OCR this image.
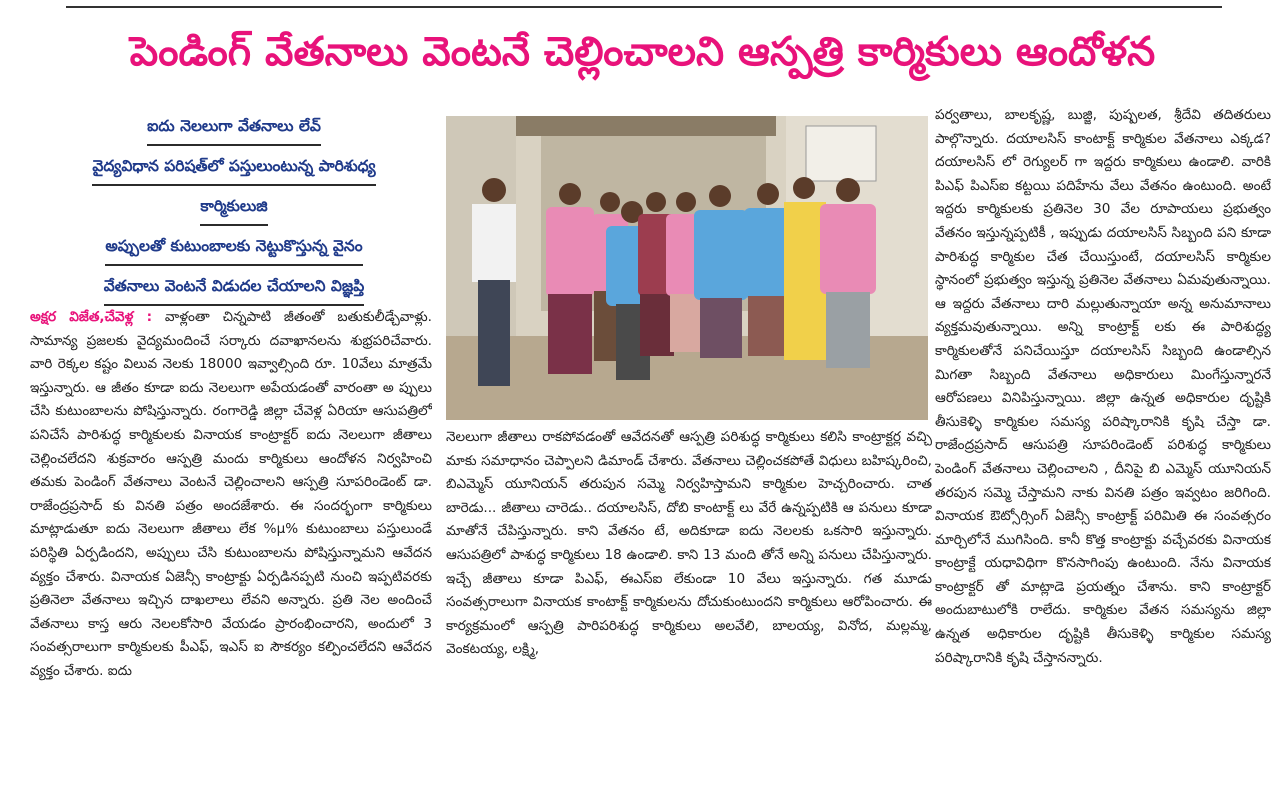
పెండింగ్ వేతనాలు వెంటనే చెల్లించాలని ఆస్పత్రి కార్మికులు ఆందోళన
ఐదు నెలలుగా వేతనాలు లేవ్
వైద్యవిధాన పరిషత్‌లో పస్తులుంటున్న పారిశుధ్య
కార్మికులుజి
అప్పులతో కుటుంబాలకు నెట్టుకొస్తున్న వైనం
వేతనాలు వెంటనే విడుదల చేయాలని విజ్ఞప్తి

అక్షర విజేత,చేవెళ్ల : వాళ్లంతా చిన్నపాటి జీతంతో బతుకులీడ్చేవాళ్లు. సామాన్య ప్రజలకు వైద్యమందించే సర్కారు దవాఖానలను శుభ్రపరిచేవారు. వారి రెక్కల కష్టం విలువ నెలకు 18000 ఇవ్వాల్సింది రూ. 10వేలు మాత్రమే ఇస్తున్నారు. ఆ జీతం కూడా ఐదు నెలలుగా అపేయడంతో వారంతా అ ప్పులు చేసి కుటుంబాలను పోషిస్తున్నారు. రంగారెడ్డి జిల్లా చేవెళ్ల ఏరియా ఆసుపత్రిలో పనిచేసే పారిశుద్ధ కార్మికులకు వినాయక కాంట్రాక్టర్ ఐదు నెలలుగా జీతాలు చెల్లించలేదని శుక్రవారం ఆస్పత్రి మందు కార్మికులు ఆందోళన నిర్వహించి తమకు పెండింగ్ వేతనాలు వెంటనే చెల్లించాలని ఆస్పత్రి సూపరిండెంట్ డా. రాజేంద్రప్రసాద్ కు వినతి పత్రం అందజేశారు. ఈ సందర్భంగా కార్మికులు మాట్లాడుతూ ఐదు నెలలుగా జీతాలు లేక %µ% కుటుంబాలు పస్తులుండే పరిస్థితి ఏర్పడిందని, అప్పులు చేసి కుటుంబాలను పోషిస్తున్నామని ఆవేదన వ్యక్తం చేశారు. వినాయక ఏజెన్సీ కాంట్రాక్టు ఏర్పడినప్పటి నుంచి ఇప్పటివరకు ప్రతినెలా వేతనాలు ఇచ్చిన దాఖలాలు లేవని అన్నారు. ప్రతి నెల అందించే వేతనాలు కాస్త ఆరు నెలలకోసారి వేయడం ప్రారంభించారని, అందులో 3 సంవత్సరాలుగా కార్మికులకు పీఎఫ్, ఇఎస్ ఐ సౌకర్యం కల్పించలేదని ఆవేదన వ్యక్తం చేశారు. ఐదు

నెలలుగా జీతాలు రాకపోవడంతో ఆవేదనతో ఆస్పత్రి పరిశుద్ధ కార్మికులు కలిసి కాంట్రాక్టర్ల వచ్చి మాకు సమాధానం చెప్పాలని డిమాండ్ చేశారు. వేతనాలు చెల్లించకపోతే విధులు బహిష్కరించి, బిఎమ్మెస్ యూనియన్ తరుపున సమ్మె నిర్వహిస్తామని కార్మికుల హెచ్చరించారు. చాత బారెడు... జీతాలు చారెడు.. దయాలసిస్, దోబి కాంటాక్ట్ లు వేరే ఉన్నప్పటికి ఆ పనులు కూడా మాతోనే చేపిస్తున్నారు. కాని వేతనం టే, అదికూడా ఐదు నెలలకు ఒకసారి ఇస్తున్నారు. ఆసుపత్రిలో పాశుద్ధ కార్మికులు 18 ఉండాలి. కాని 13 మంది తోనే అన్ని పనులు చేపిస్తున్నారు. ఇచ్చే జీతాలు కూడా పిఎఫ్, ఈఎస్ఐ లేకుండా 10 వేలు ఇస్తున్నారు. గత మూడు సంవత్సరాలుగా వినాయక కాంటాక్ట్ కార్మికులను దోచుకుంటుందని కార్మికులు ఆరోపించారు. ఈ కార్యక్రమంలో ఆస్పత్రి పారిపరిశుద్ధ కార్మికులు అలవేలి, బాలయ్య, వినోద, మల్లమ్మ, వెంకటయ్య, లక్ష్మి,

పర్వతాలు, బాలకృష్ణ, బుజ్జి, పుష్పలత, శ్రీదేవి తదితరులు పాల్గొన్నారు. దయాలసిస్ కాంటాక్ట్ కార్మికుల వేతనాలు ఎక్కడ? దయాలసిస్ లో రెగ్యులర్ గా ఇద్దరు కార్మికులు ఉండాలి. వారికి పిఎఫ్ పిఎస్ఐ కట్టయి పదిహేను వేలు వేతనం ఉంటుంది. అంటే ఇద్దరు కార్మికులకు ప్రతినెల 30 వేల రూపాయలు ప్రభుత్వం వేతనం ఇస్తున్నప్పటికీ , ఇప్పుడు దయాలసిస్ సిబ్బంది పని కూడా పారిశుద్ధ కార్మికుల చేత చేయిస్తుంటే, దయాలసిస్ కార్మికుల స్థానంలో ప్రభుత్వం ఇస్తున్న ప్రతినెల వేతనాలు ఏమవుతున్నాయి. ఆ ఇద్దరు వేతనాలు దారి మల్లుతున్నాయా అన్న అనుమానాలు వ్యక్తమవుతున్నాయి. అన్ని కాంట్రాక్ట్ లకు ఈ పారిశుద్ధ్య కార్మికులతోనే పనిచేయిస్తూ దయాలసిస్ సిబ్బంది ఉండాల్సిన మిగతా సిబ్బంది వేతనాలు అధికారులు మింగేస్తున్నారనే ఆరోపణలు వినిపిస్తున్నాయి. జిల్లా ఉన్నత అధికారుల దృష్టికి తీసుకెళ్ళి కార్మికుల సమస్య పరిష్కారానికి కృషి చేస్తా డా. రాజేంద్రప్రసాద్ ఆసుపత్రి సూపరిండెంట్ పరిశుద్ధ కార్మికులు పెండింగ్ వేతనాలు చెల్లించాలని , దీనిపై బి ఎమ్మెస్ యూనియన్ తరపున సమ్మె చేస్తామని నాకు వినతి పత్రం ఇవ్వటం జరిగింది. వినాయక ఔట్సోర్సింగ్ ఏజెన్సీ కాంట్రాక్ట్ పరిమితి ఈ సంవత్సరం మార్చిలోనే ముగిసింది. కానీ కొత్త కాంట్రాక్టు వచ్చేవరకు వినాయక కాంట్రాక్టే యధావిధిగా కొనసాగింపు ఉంటుంది. నేను వినాయక కాంట్రాక్టర్ తో మాట్లాడె ప్రయత్నం చేశాను. కాని కాంట్రాక్టర్ అందుబాటులోకి రాలేదు. కార్మికుల వేతన సమస్యను జిల్లా ఉన్నత అధికారుల దృష్టికి తీసుకెళ్ళి కార్మికుల సమస్య పరిష్కారానికి కృషి చేస్తానన్నారు.
